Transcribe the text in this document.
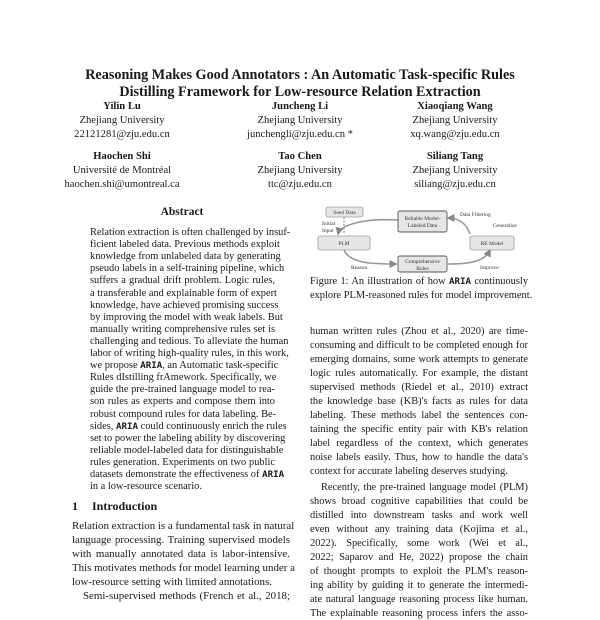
Reasoning Makes Good Annotators : An Automatic Task-specific Rules
Distilling Framework for Low-resource Relation Extraction
Yilin Lu
Zhejiang University
22121281@zju.edu.cn
Juncheng Li
Zhejiang University
junchengli@zju.edu.cn *
Xiaoqiang Wang
Zhejiang University
xq.wang@zju.edu.cn
Haochen Shi
Université de Montréal
haochen.shi@umontreal.ca
Tao Chen
Zhejiang University
ttc@zju.edu.cn
Siliang Tang
Zhejiang University
siliang@zju.edu.cn
Abstract
Relation extraction is often challenged by insuf-
ficient labeled data. Previous methods exploit
knowledge from unlabeled data by generating
pseudo labels in a self-training pipeline, which
suffers a gradual drift problem. Logic rules,
a transferable and explainable form of expert
knowledge, have achieved promising success
by improving the model with weak labels. But
manually writing comprehensive rules set is
challenging and tedious. To alleviate the human
labor of writing high-quality rules, in this work,
we propose ARIA, an Automatic task-specific
Rules dIstilling frAmework. Specifically, we
guide the pre-trained language model to rea-
son rules as experts and compose them into
robust compound rules for data labeling. Be-
sides, ARIA could continuously enrich the rules
set to power the labeling ability by discovering
reliable model-labeled data for distinguishable
rules generation. Experiments on two public
datasets demonstrate the effectiveness of ARIA
in a low-resource scenario.
1 Introduction
Relation extraction is a fundamental task in natural
language processing. Training supervised models
with manually annotated data is labor-intensive.
This motivates methods for model learning under a
low-resource setting with limited annotations.
Semi-supervised methods (French et al., 2018;
Seed Data
Reliable Model-
Labeled Data
PLM	RE Model
Comprehensive
Rules
Initial
Input
Data Filtering
Generalize
Reason	Improve
Figure 1: An illustration of how ARIA continuously
explore PLM-reasoned rules for model improvement.
human written rules (Zhou et al., 2020) are time-
consuming and difficult to be completed enough for
emerging domains, some work attempts to generate
logic rules automatically. For example, the distant
supervised methods (Riedel et al., 2010) extract
the knowledge base (KB)'s facts as rules for data
labeling. These methods label the sentences con-
taining the specific entity pair with KB's relation
label regardless of the context, which generates
noise labels easily. Thus, how to handle the data's
context for accurate labeling deserves studying.
Recently, the pre-trained language model (PLM)
shows broad cognitive capabilities that could be
distilled into downstream tasks and work well
even without any training data (Kojima et al.,
2022). Specifically, some work (Wei et al.,
2022; Saparov and He, 2022) propose the chain
of thought prompts to exploit the PLM's reason-
ing ability by guiding it to generate the intermedi-
ate natural language reasoning process like human.
The explainable reasoning process infers the asso-
